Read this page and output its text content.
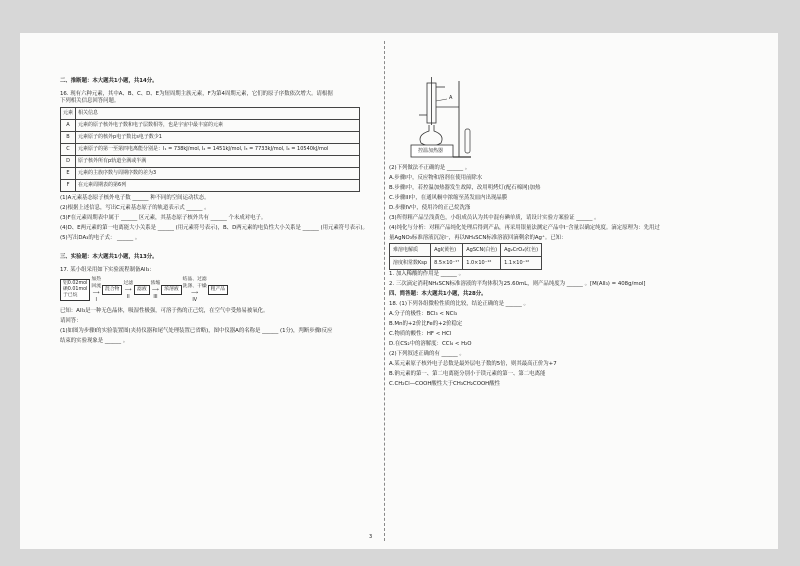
二、推断题：本大题共1小题，共14分。

16. 现有六种元素，其中A、B、C、D、E为短周期主族元素，F为第4周期元素，它们的原子序数依次增大。请根据

下列相关信息回答问题。

元素	相关信息
A	元素的原子核外电子数和电子层数相等，也是宇宙中最丰富的元素
B	元素原子的核外p电子数比s电子数少1
C	元素原子的第一至第四电离能分别是：I₁ = 738kJ/mol, I₂ = 1451kJ/mol, I₃ = 7733kJ/mol, I₄ = 10540kJ/mol
D	原子核外所有p轨道全满或半满
E	元素的主族序数与周期序数的差为3
F	在元素周期表的第6列

(1)A元素基态原子核外电子数 ______ 种不同的空间运动状态。

(2)根据上述信息，写出C元素基态原子的轨道表示式 ______ 。

(3)F在元素周期表中属于 ______ 区元素，其基态原子核外共有 ______ 个未成对电子。

(4)D、E两元素的第一电离能大小关系是 ______ (用元素符号表示)，B、D两元素的电负性大小关系是 ______ (用元素符号表示)。

(5)写出DA₃的电子式： ______ 。

三、实验题：本大题共1小题，共13分。

17. 某小组采用如下实验流程制备AlI₃：

铝0.02mol
碘0.01mol
于已烷
加热
回流
⟶
I
混合物
过滤
⟶
II
滤液
浓缩
⟶
III
浓溶液
结晶、过滤
洗涤、干燥
⟶
IV
粗产品

已知：AlI₃是一种无色晶体，吸湿性极强，可溶于热的正己烷，在空气中受热易被氧化。

请回答：

(1)如图为步骤I的实验装置图(夹持仪器和尾气处理装置已省略)，图中仪器A的名称是 ______ (1分)，判断步骤I反应

结束的实验现象是 ______ 。

A
控温加热器

(2)下列做法不正确的是 ______ 。

A.步骤I中，反应物和溶剂在使用前除水

B.步骤I中，若控温加热器发生故障，改用明烤灯(配石棉网)加热

C.步骤III中，在通风橱中浓缩至蒸发皿内出现晶膜

D.步骤IV中，使用冷的正己烷洗涤

(3)所得粗产品呈浅黄色，小组成员认为其中混有碘单质，请设计实验方案验证 ______ 。

(4)纯化与分析：对粗产品纯化处理后得到产品，再采用银量法测定产品中I⁻含量以确定纯度。滴定原理为：先用过

量AgNO₃标准溶液沉淀I⁻，再以NH₄SCN标准溶液回滴剩余的Ag⁺。已知：

难溶电解质	AgI(黄色)	AgSCN(白色)	Ag₂CrO₄(红色)
溶度积常数Ksp	8.5×10⁻¹⁷	1.0×10⁻¹²	1.1×10⁻¹²

1. 加入稀酸的作用是 ______ 。

2. 三次滴定消耗NH₄SCN标准溶液的平均体积为25.60mL，则产品纯度为 ______ 。[M(AlI₃) = 408g/mol]

四、简答题：本大题共1小题，共28分。

18. (1)下列各组微粒性质的比较，结论正确的是 ______ 。

A.分子的极性：BCl₃ < NCl₃

B.Mn的+2价比Fe的+2价稳定

C.物质的酸性：HF < HCl

D.在CS₂中的溶解度：CCl₄ < H₂O

(2)下列叙述正确的有 ______ 。

A.某元素原子核外电子总数是最外层电子数的5倍，则其最高正价为+7

B.钠元素的第一、第二电离能分别小于镁元素的第一、第二电离能

C.CH₂Cl—COOH酸性大于CH₃CH₂COOH酸性

3
